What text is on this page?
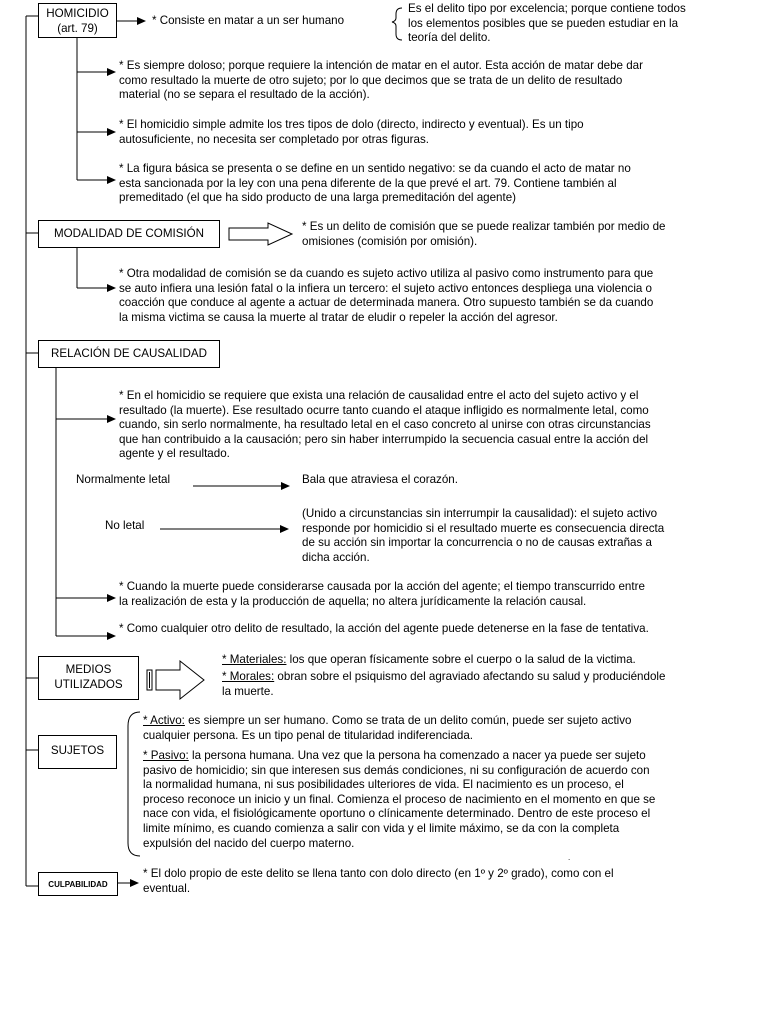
.
HOMICIDIO
(art. 79)

* Consiste en matar a un ser humano

Es el delito tipo por excelencia; porque contiene todos
los elementos posibles que se pueden estudiar en la
teoría del delito.

* Es siempre doloso; porque requiere la intención de matar en el autor. Esta acción de matar debe dar
como resultado la muerte de otro sujeto; por lo que decimos que se trata de un delito de resultado
material (no se separa el resultado de la acción).

* El homicidio simple admite los tres tipos de dolo (directo, indirecto y eventual). Es un tipo
autosuficiente, no necesita ser completado por otras figuras.

* La figura básica se presenta o se define en un sentido negativo: se da cuando el acto de matar no
esta sancionada por la ley con una pena diferente de la que prevé el art. 79. Contiene también al
premeditado (el que ha sido producto de una larga premeditación del agente)

MODALIDAD DE COMISIÓN

* Es un delito de comisión que se puede realizar también por medio de
omisiones (comisión por omisión).

* Otra modalidad de comisión se da cuando es sujeto activo utiliza al pasivo como instrumento para que
se auto infiera una lesión fatal o la infiera un tercero: el sujeto activo entonces despliega una violencia o
coacción que conduce al agente a actuar de determinada manera. Otro supuesto también se da cuando
la misma victima se causa la muerte al tratar de eludir o repeler la acción del agresor.

RELACIÓN DE CAUSALIDAD

* En el homicidio se requiere que exista una relación de causalidad entre el acto del sujeto activo y el
resultado (la muerte). Ese resultado ocurre tanto cuando el ataque infligido es normalmente letal, como
cuando, sin serlo normalmente, ha resultado letal en el caso concreto al unirse con otras circunstancias
que han contribuido a la causación; pero sin haber interrumpido la secuencia casual entre la acción del
agente y el resultado.

Normalmente letal	Bala que atraviesa el corazón.

No letal

(Unido a circunstancias sin interrumpir la causalidad): el sujeto activo
responde por homicidio si el resultado muerte es consecuencia directa
de su acción sin importar la concurrencia o no de causas extrañas a
dicha acción.

* Cuando la muerte puede considerarse causada por la acción del agente; el tiempo transcurrido entre
la realización de esta y la producción de aquella; no altera jurídicamente la relación causal.

* Como cualquier otro delito de resultado, la acción del agente puede detenerse en la fase de tentativa.

MEDIOS
UTILIZADOS

* Materiales: los que operan físicamente sobre el cuerpo o la salud de la victima.

* Morales: obran sobre el psiquismo del agraviado afectando su salud y produciéndole
la muerte.

SUJETOS

* Activo: es siempre un ser humano. Como se trata de un delito común, puede ser sujeto activo
cualquier persona. Es un tipo penal de titularidad indiferenciada.

* Pasivo: la persona humana. Una vez que la persona ha comenzado a nacer ya puede ser sujeto
pasivo de homicidio; sin que interesen sus demás condiciones, ni su configuración de acuerdo con
la normalidad humana, ni sus posibilidades ulteriores de vida. El nacimiento es un proceso, el
proceso reconoce un inicio y un final. Comienza el proceso de nacimiento en el momento en que se
nace con vida, el fisiológicamente oportuno o clínicamente determinado. Dentro de este proceso el
limite mínimo, es cuando comienza a salir con vida y el limite máximo, se da con la completa
expulsión del nacido del cuerpo materno.

CULPABILIDAD

* El dolo propio de este delito se llena tanto con dolo directo (en 1º y 2º grado), como con el
eventual.
